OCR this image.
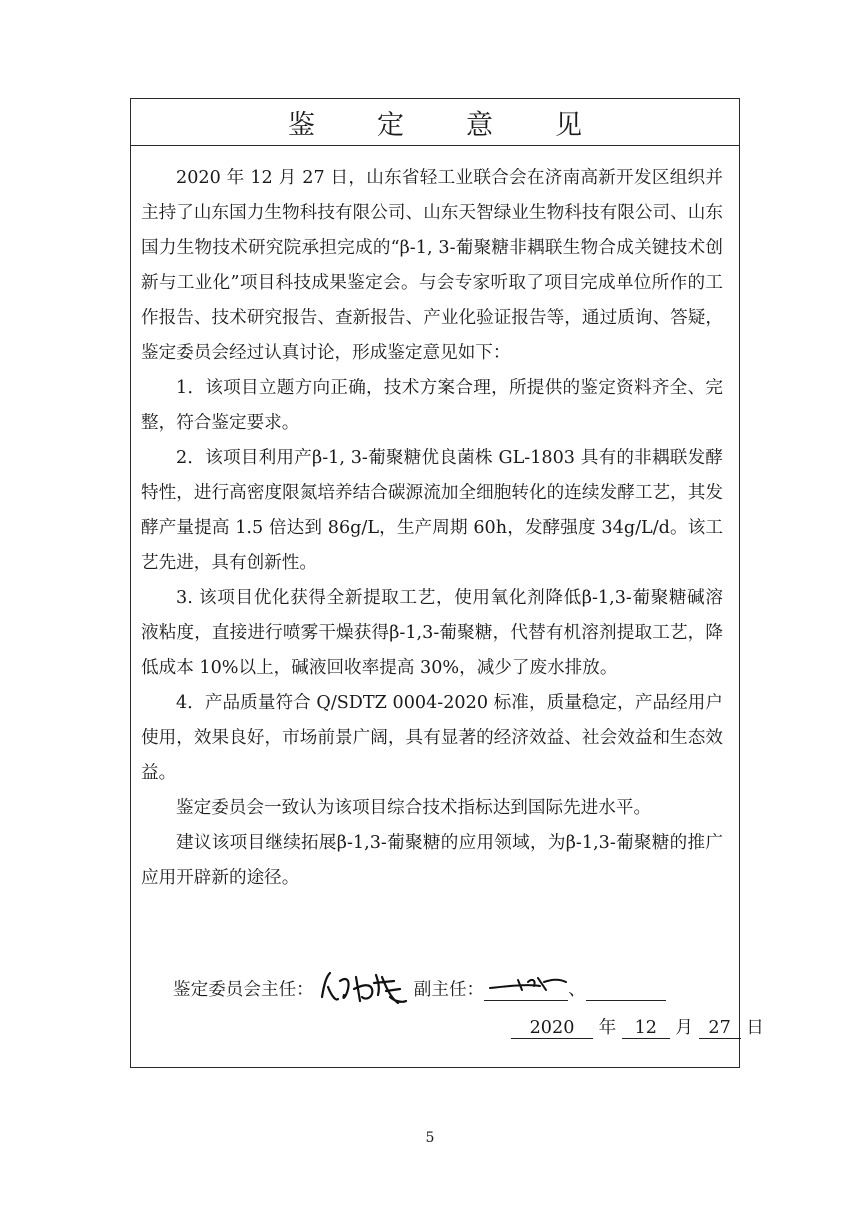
鉴定意见

2020 年 12 月 27 日，山东省轻工业联合会在济南高新开发区组织并主持了山东国力生物科技有限公司、山东天智绿业生物科技有限公司、山东国力生物技术研究院承担完成的“β-1, 3-葡聚糖非耦联生物合成关键技术创新与工业化”项目科技成果鉴定会。与会专家听取了项目完成单位所作的工作报告、技术研究报告、查新报告、产业化验证报告等，通过质询、答疑，鉴定委员会经过认真讨论，形成鉴定意见如下：

1．该项目立题方向正确，技术方案合理，所提供的鉴定资料齐全、完整，符合鉴定要求。

2．该项目利用产β-1, 3-葡聚糖优良菌株 GL-1803 具有的非耦联发酵特性，进行高密度限氮培养结合碳源流加全细胞转化的连续发酵工艺，其发酵产量提高 1.5 倍达到 86g/L，生产周期 60h，发酵强度 34g/L/d。该工艺先进，具有创新性。

3. 该项目优化获得全新提取工艺，使用氧化剂降低β-1,3-葡聚糖碱溶液粘度，直接进行喷雾干燥获得β-1,3-葡聚糖，代替有机溶剂提取工艺，降低成本 10%以上，碱液回收率提高 30%，减少了废水排放。

4．产品质量符合 Q/SDTZ 0004-2020 标准，质量稳定，产品经用户使用，效果良好，市场前景广阔，具有显著的经济效益、社会效益和生态效益。

鉴定委员会一致认为该项目综合技术指标达到国际先进水平。

建议该项目继续拓展β-1,3-葡聚糖的应用领域，为β-1,3-葡聚糖的推广应用开辟新的途径。

鉴定委员会主任：	副主任：	、
2020 年 12 月 27 日
5
